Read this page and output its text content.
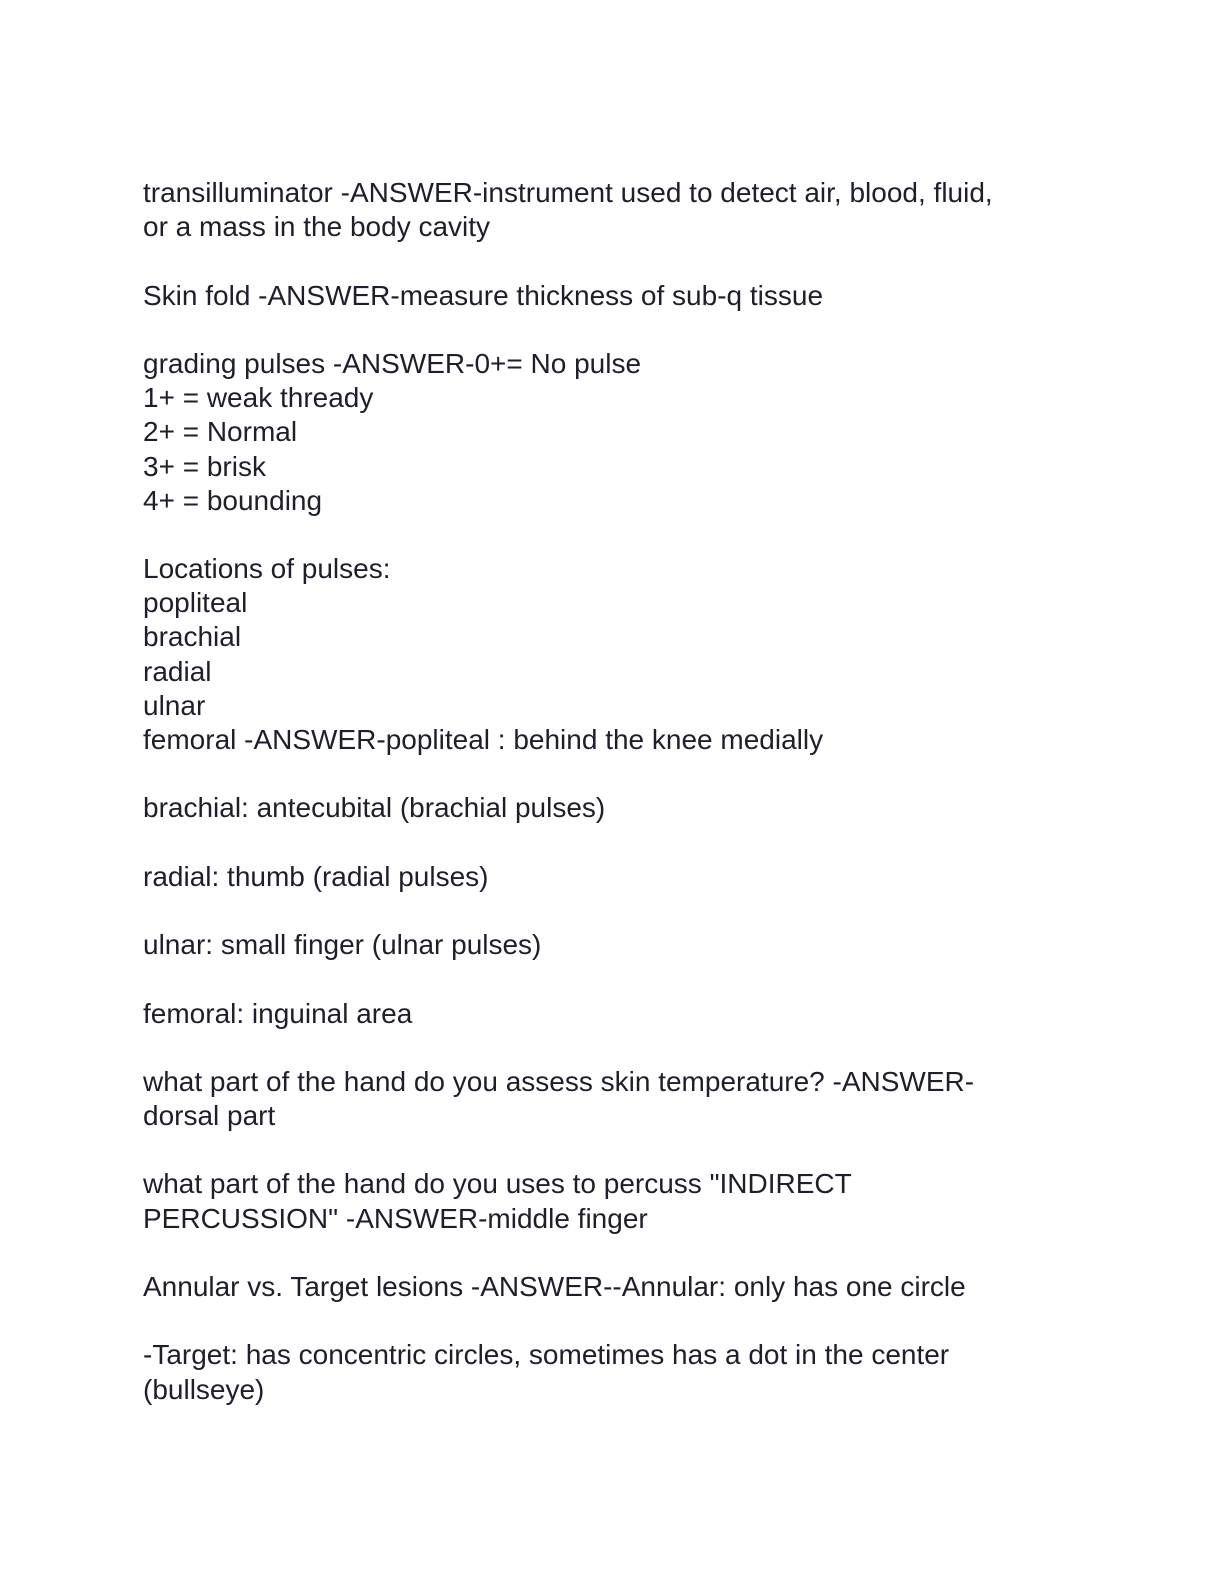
transilluminator -ANSWER-instrument used to detect air, blood, fluid,
or a mass in the body cavity
Skin fold -ANSWER-measure thickness of sub-q tissue
grading pulses -ANSWER-0+= No pulse
1+ = weak thready
2+ = Normal
3+ = brisk
4+ = bounding
Locations of pulses:
popliteal
brachial
radial
ulnar
femoral -ANSWER-popliteal : behind the knee medially
brachial: antecubital (brachial pulses)
radial: thumb (radial pulses)
ulnar: small finger (ulnar pulses)
femoral: inguinal area
what part of the hand do you assess skin temperature? -ANSWER-
dorsal part
what part of the hand do you uses to percuss "INDIRECT
PERCUSSION" -ANSWER-middle finger
Annular vs. Target lesions -ANSWER--Annular: only has one circle
-Target: has concentric circles, sometimes has a dot in the center
(bullseye)
